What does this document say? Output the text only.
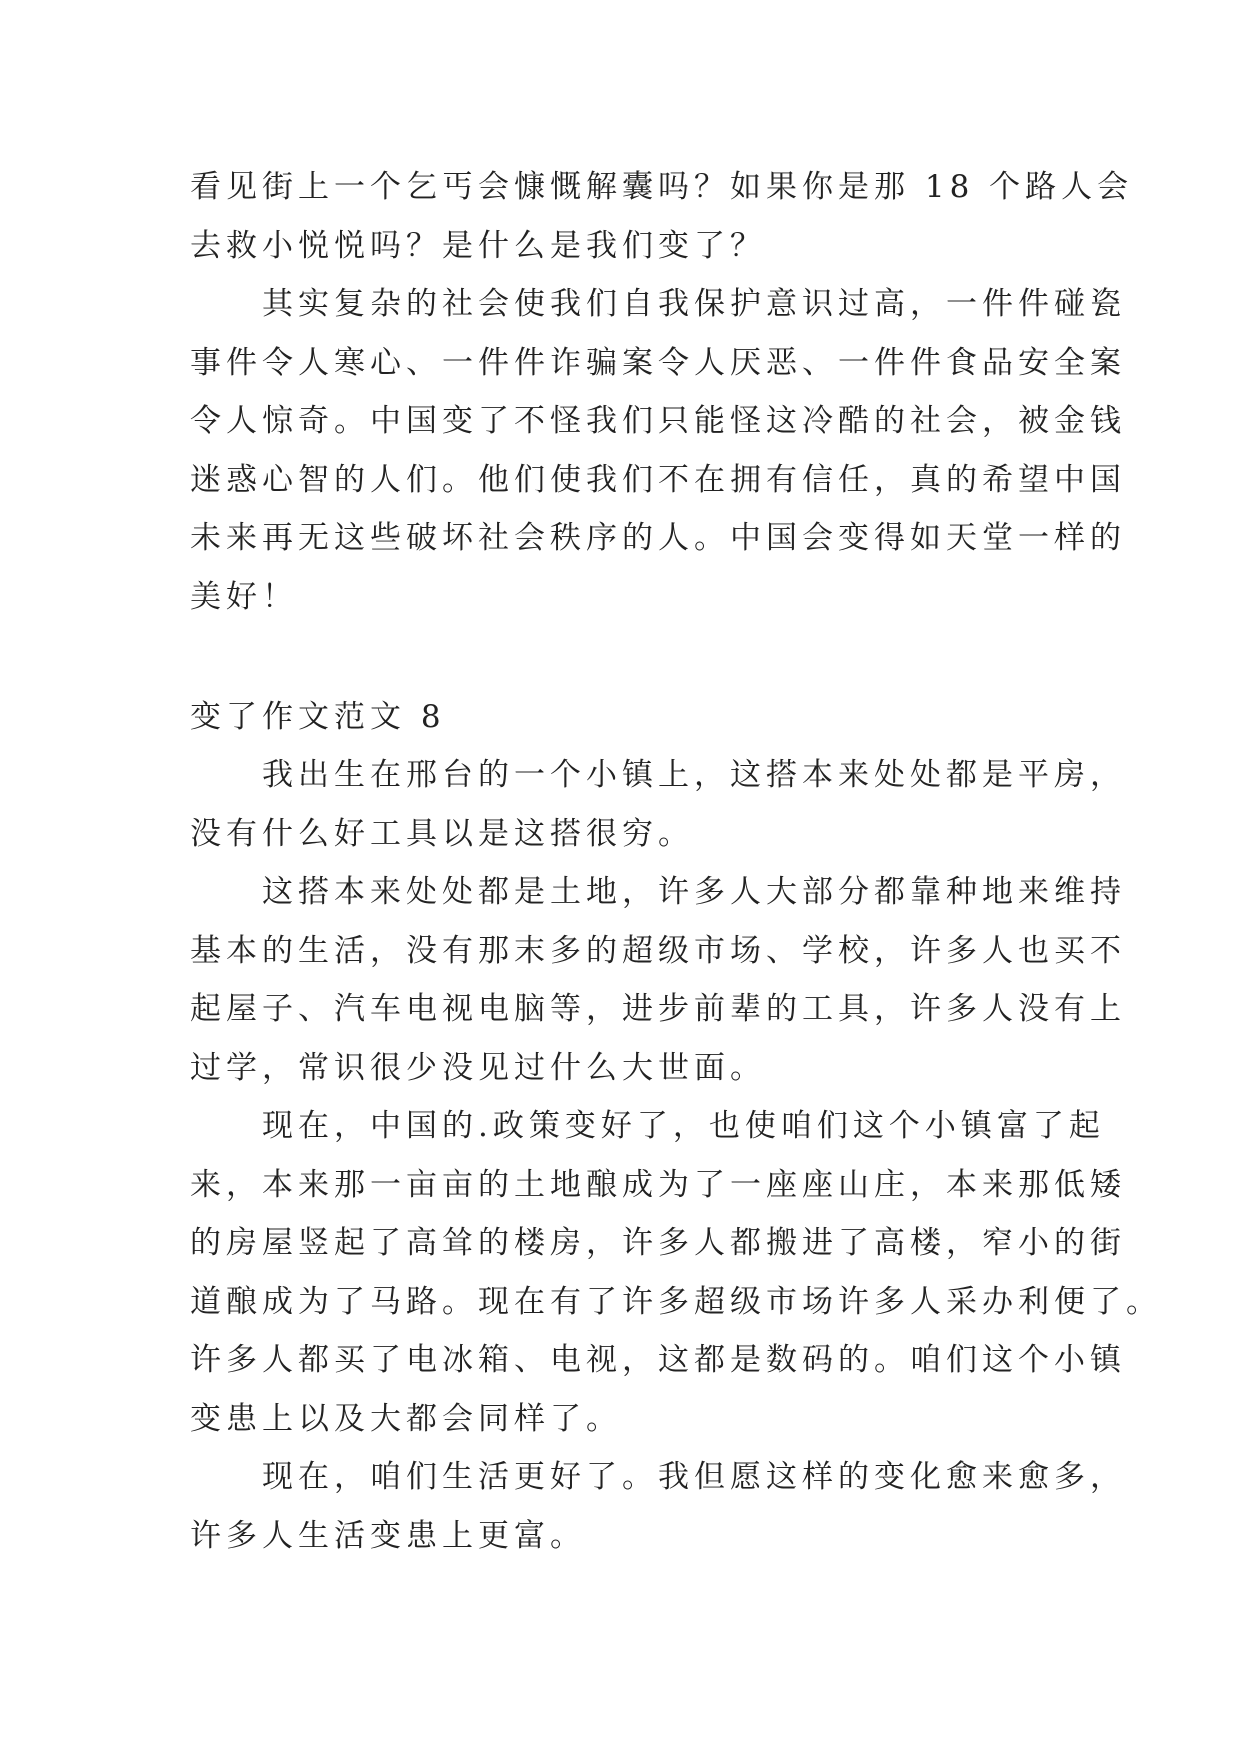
看见街上一个乞丐会慷慨解囊吗？如果你是那 18 个路人会
去救小悦悦吗？是什么是我们变了？
　　其实复杂的社会使我们自我保护意识过高，一件件碰瓷
事件令人寒心、一件件诈骗案令人厌恶、一件件食品安全案
令人惊奇。中国变了不怪我们只能怪这冷酷的社会，被金钱
迷惑心智的人们。他们使我们不在拥有信任，真的希望中国
未来再无这些破坏社会秩序的人。中国会变得如天堂一样的
美好！
变了作文范文 8
　　我出生在邢台的一个小镇上，这搭本来处处都是平房，
没有什么好工具以是这搭很穷。
　　这搭本来处处都是土地，许多人大部分都靠种地来维持
基本的生活，没有那末多的超级市场、学校，许多人也买不
起屋子、汽车电视电脑等，进步前辈的工具，许多人没有上
过学，常识很少没见过什么大世面。
　　现在，中国的.政策变好了，也使咱们这个小镇富了起
来，本来那一亩亩的土地酿成为了一座座山庄，本来那低矮
的房屋竖起了高耸的楼房，许多人都搬进了高楼，窄小的街
道酿成为了马路。现在有了许多超级市场许多人采办利便了。
许多人都买了电冰箱、电视，这都是数码的。咱们这个小镇
变患上以及大都会同样了。
　　现在，咱们生活更好了。我但愿这样的变化愈来愈多，
许多人生活变患上更富。
